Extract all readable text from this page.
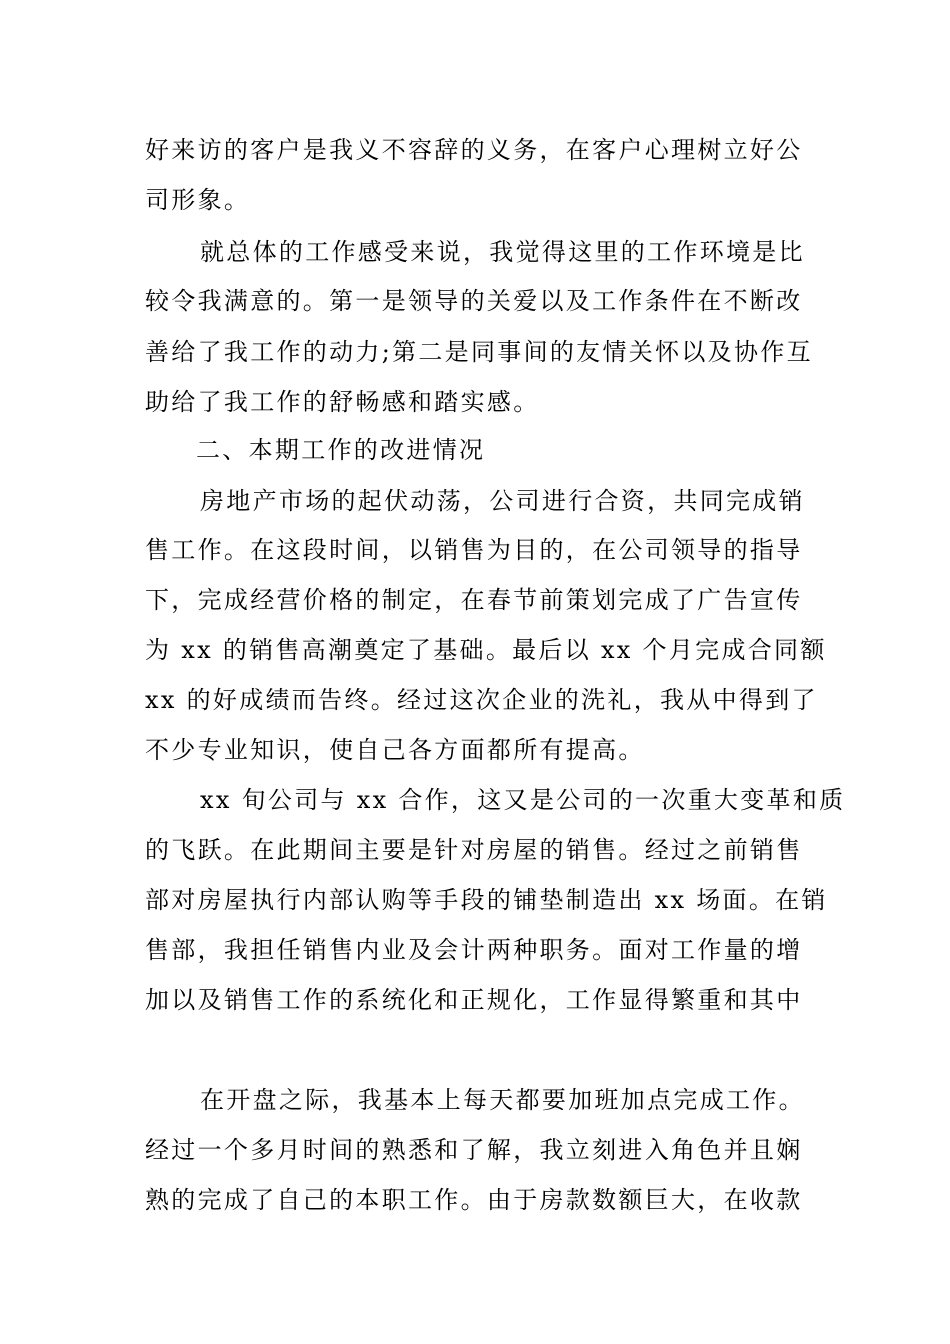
好来访的客户是我义不容辞的义务，在客户心理树立好公
司形象。
就总体的工作感受来说，我觉得这里的工作环境是比
较令我满意的。第一是领导的关爱以及工作条件在不断改
善给了我工作的动力;第二是同事间的友情关怀以及协作互
助给了我工作的舒畅感和踏实感。
二、本期工作的改进情况
房地产市场的起伏动荡，公司进行合资，共同完成销
售工作。在这段时间，以销售为目的，在公司领导的指导
下，完成经营价格的制定，在春节前策划完成了广告宣传
为 xx 的销售高潮奠定了基础。最后以 xx 个月完成合同额
xx 的好成绩而告终。经过这次企业的洗礼，我从中得到了
不少专业知识，使自己各方面都所有提高。
xx 旬公司与 xx 合作，这又是公司的一次重大变革和质
的飞跃。在此期间主要是针对房屋的销售。经过之前销售
部对房屋执行内部认购等手段的铺垫制造出 xx 场面。在销
售部，我担任销售内业及会计两种职务。面对工作量的增
加以及销售工作的系统化和正规化，工作显得繁重和其中
在开盘之际，我基本上每天都要加班加点完成工作。
经过一个多月时间的熟悉和了解，我立刻进入角色并且娴
熟的完成了自己的本职工作。由于房款数额巨大，在收款
